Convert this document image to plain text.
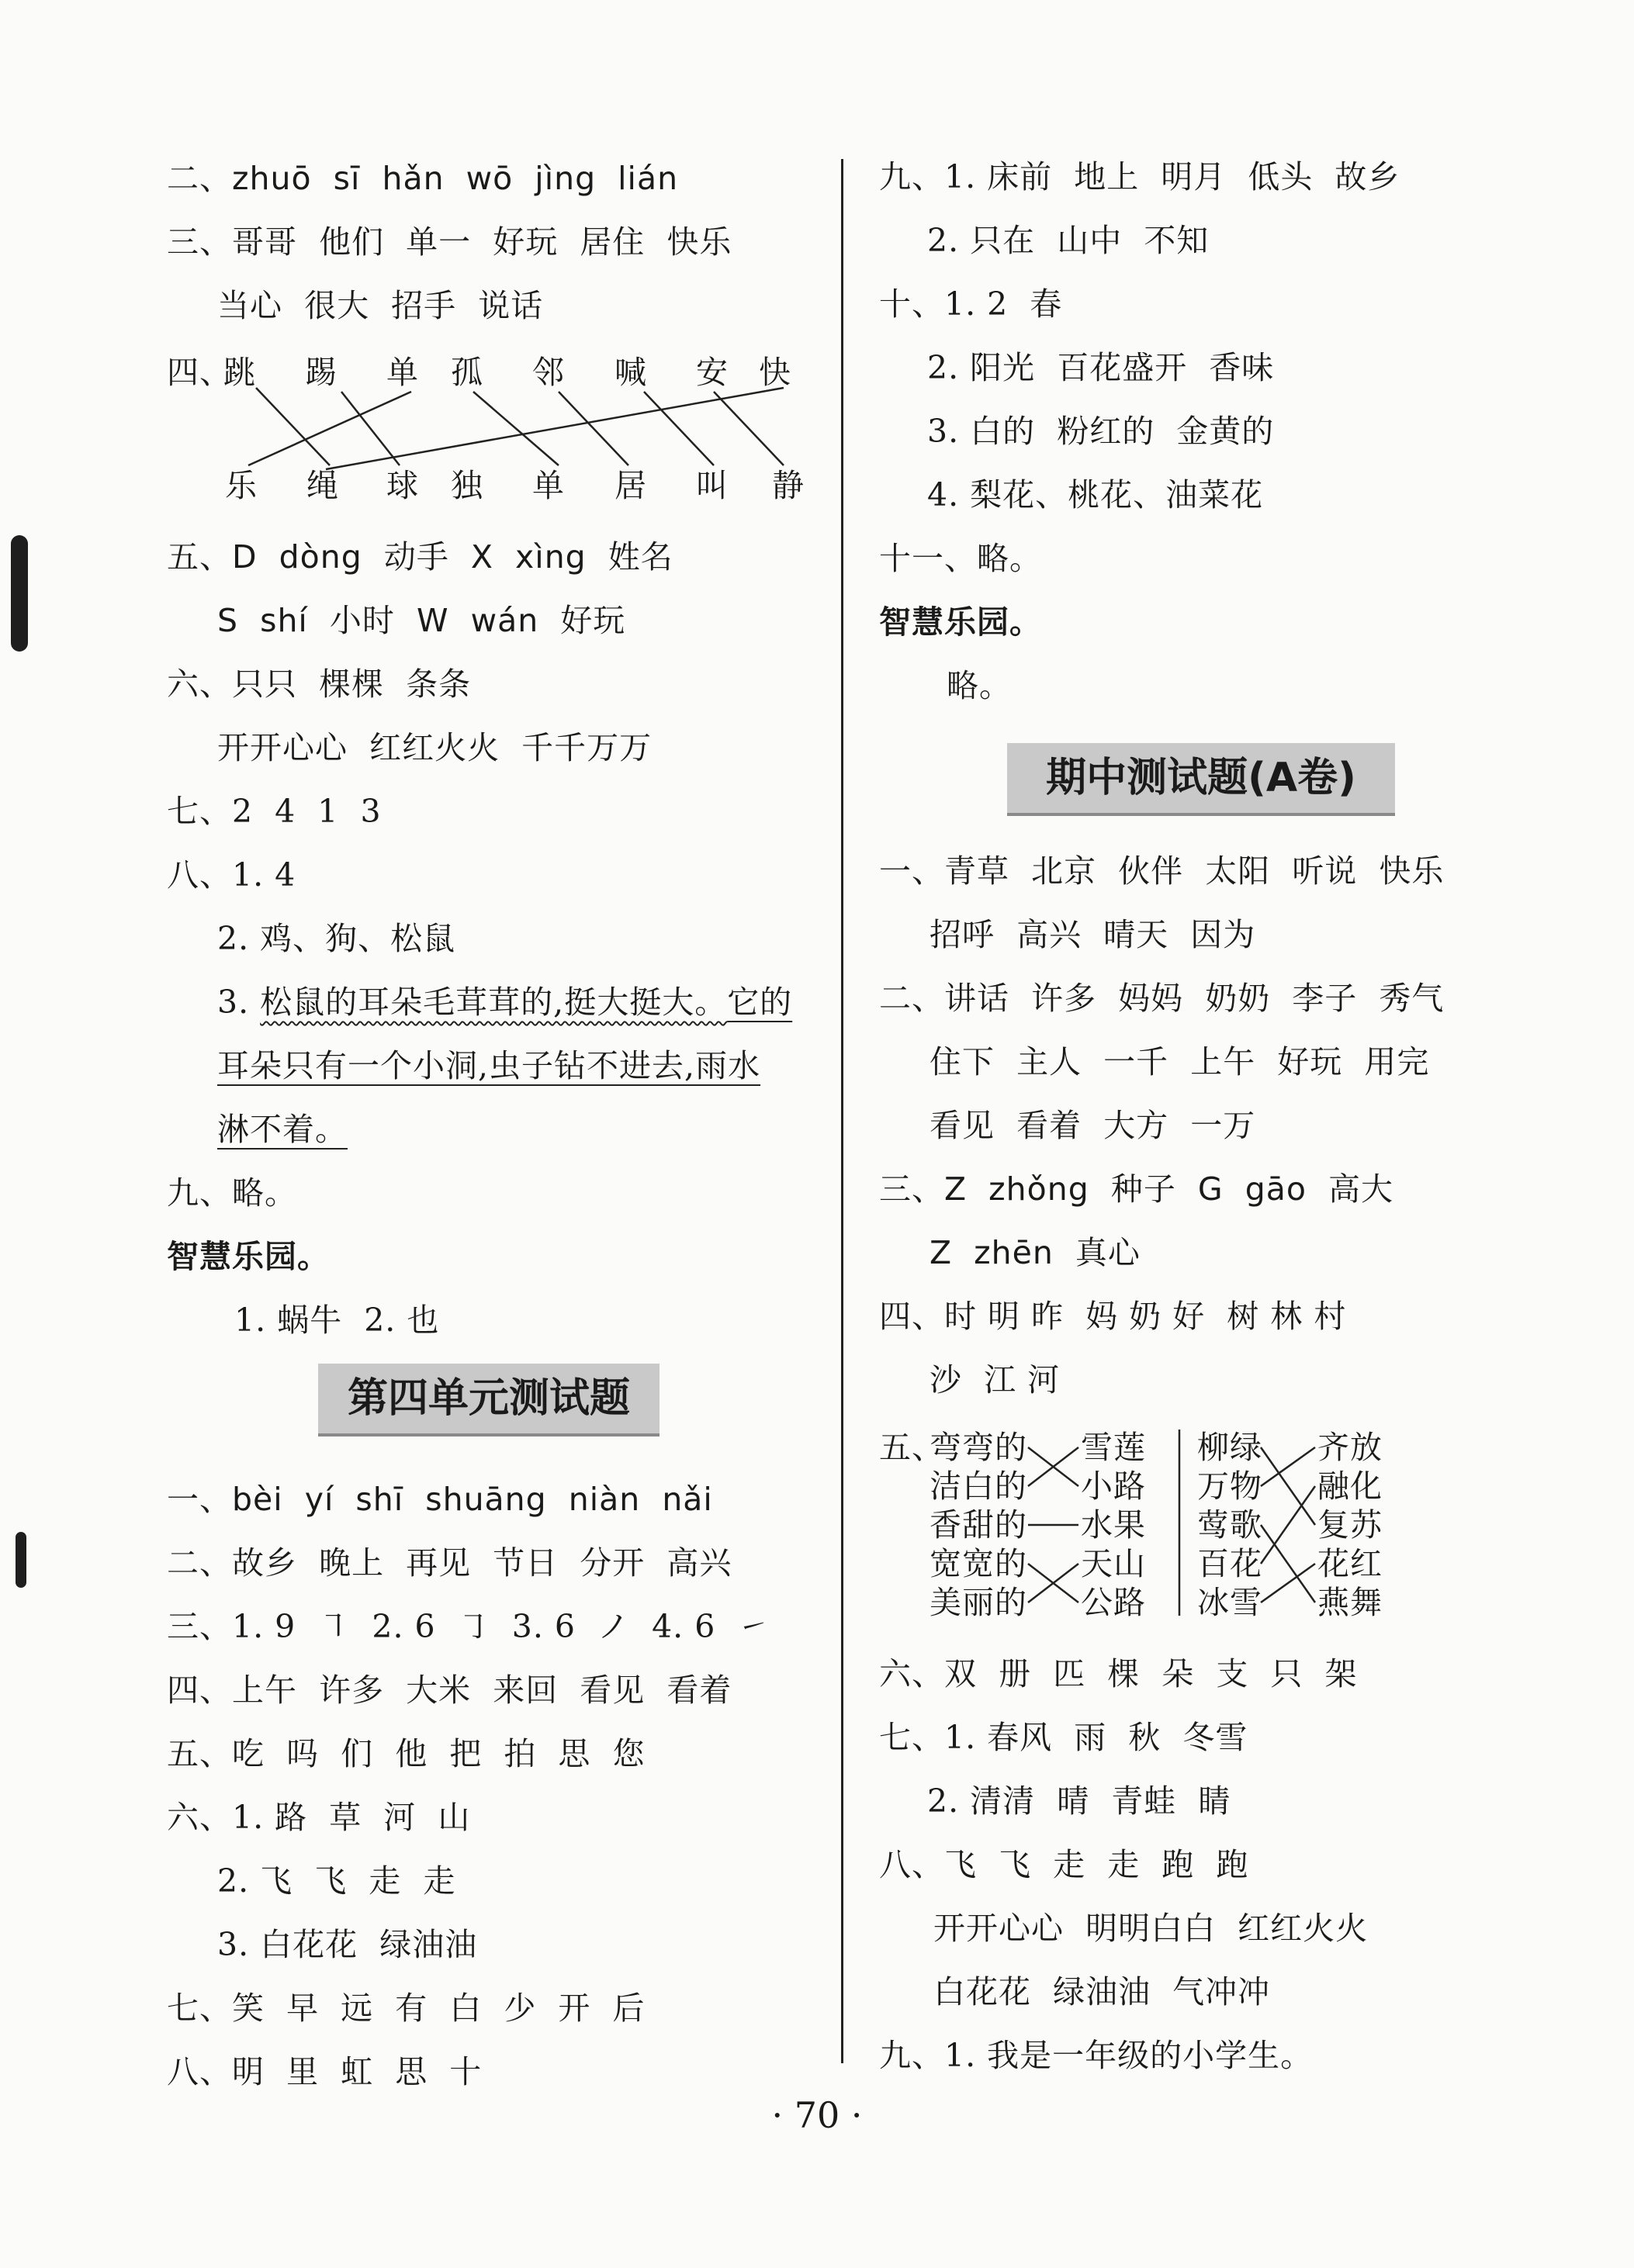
二、zhuō  sī  hǎn  wō  jìng  lián
三、哥哥  他们  单一  好玩  居住  快乐
当心  很大  招手  说话
四、
跳 踢 单 孤 邻 喊 安 快
乐 绳 球 独 单 居 叫 静
五、D  dòng  动手  X  xìng  姓名
S  shí  小时  W  wán  好玩
六、只只  棵棵  条条
开开心心  红红火火  千千万万
七、2  4  1  3
八、1. 4
2. 鸡、狗、松鼠
3. 松鼠的耳朵毛茸茸的,挺大挺大。它的
耳朵只有一个小洞,虫子钻不进去,雨水
淋不着。
九、略。
智慧乐园。
1. 蜗牛  2. 也
第四单元测试题
一、bèi  yí  shī  shuāng  niàn  nǎi
二、故乡  晚上  再见  节日  分开  高兴
三、1. 9  ㇕  2. 6  ㇆  3. 6  ノ  4. 6  ㇀
四、上午  许多  大米  来回  看见  看着
五、吃  吗  们  他  把  拍  思  您
六、1. 路  草  河  山
2. 飞  飞  走  走
3. 白花花  绿油油
七、笑  早  远  有  白  少  开  后
八、明  里  虹  思  十
九、1. 床前  地上  明月  低头  故乡
2. 只在  山中  不知
十、1. 2  春
2. 阳光  百花盛开  香味
3. 白的  粉红的  金黄的
4. 梨花、桃花、油菜花
十一、略。
智慧乐园。
略。
期中测试题(A卷)
一、青草  北京  伙伴  太阳  听说  快乐
招呼  高兴  晴天  因为
二、讲话  许多  妈妈  奶奶  李子  秀气
住下  主人  一千  上午  好玩  用完
看见  看着  大方  一万
三、Z  zhǒng  种子  G  gāo  高大
Z  zhēn  真心
四、时 明 昨  妈 奶 好  树 林 村
沙  江 河
五、
弯弯的
洁白的
香甜的
宽宽的
美丽的
雪莲
小路
水果
天山
公路
柳绿
万物
莺歌
百花
冰雪
齐放
融化
复苏
花红
燕舞
六、双  册  匹  棵  朵  支  只  架
七、1. 春风  雨  秋  冬雪
2. 清清  晴  青蛙  睛
八、飞  飞  走  走  跑  跑
开开心心  明明白白  红红火火
白花花  绿油油  气冲冲
九、1. 我是一年级的小学生。
· 70 ·
